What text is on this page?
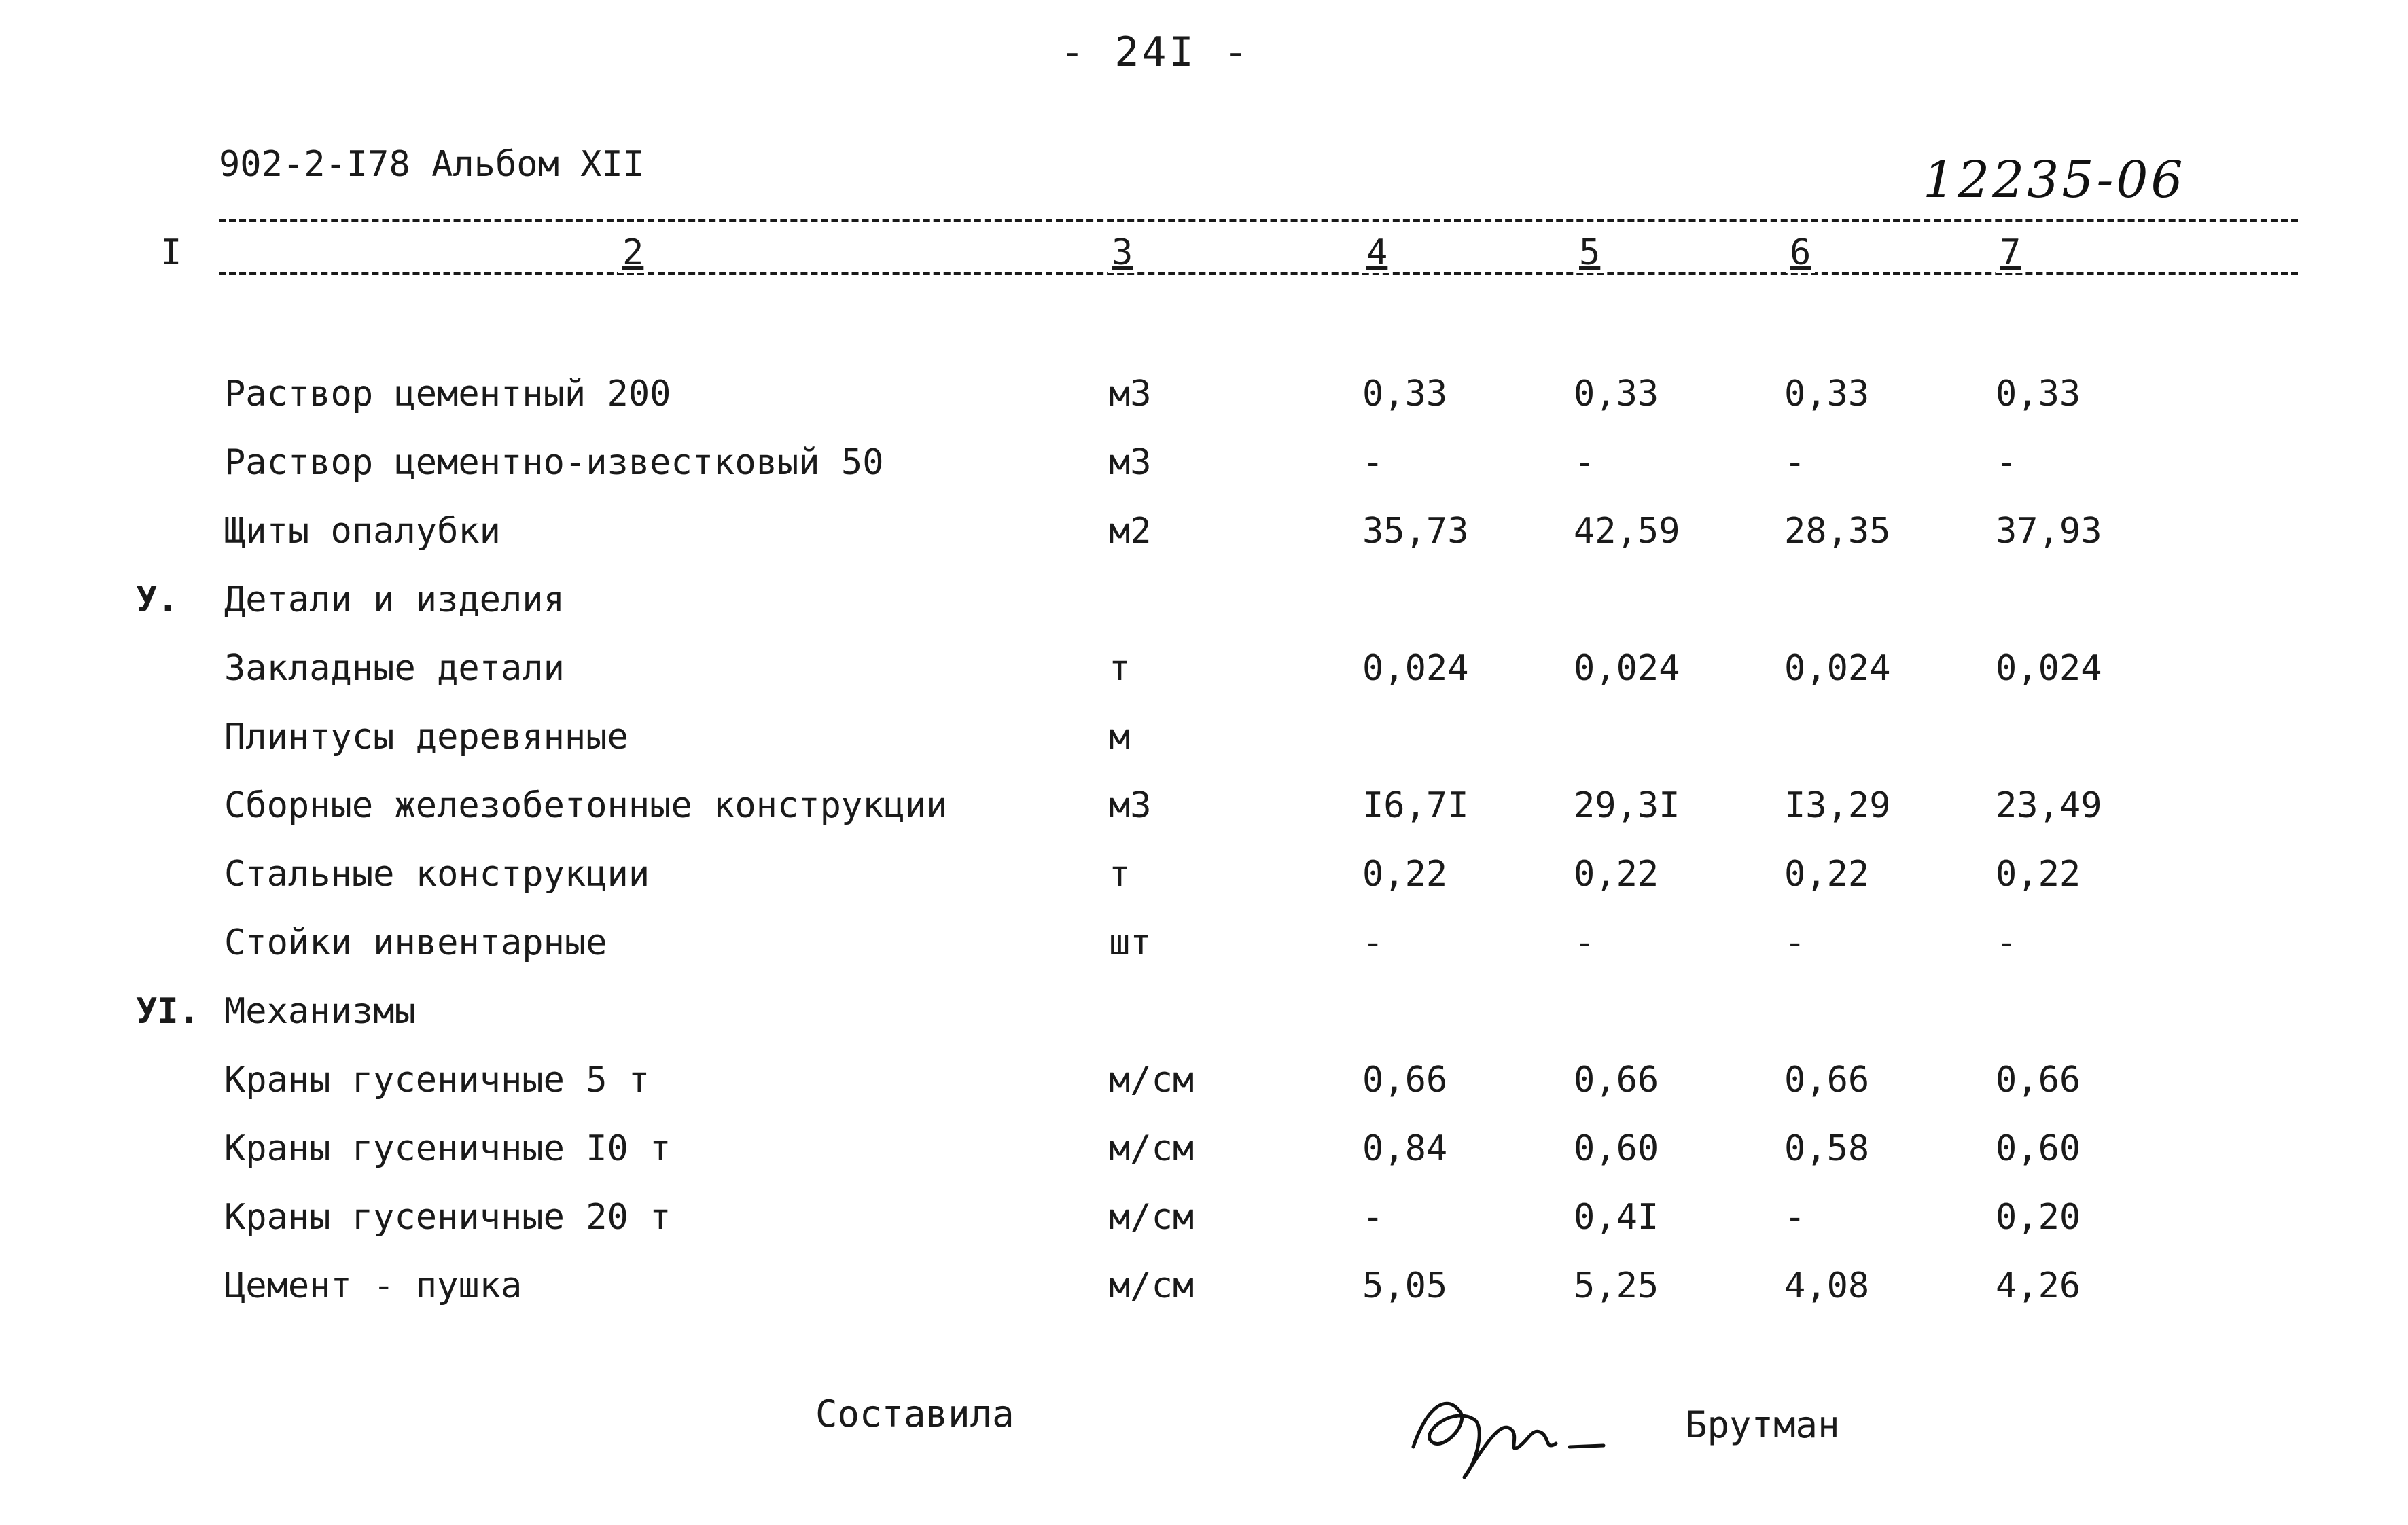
- 24I -
902-2-I78 Альбом XII	12235-06
I	2	3	4	5	6	7
Раствор цементный 200	м3	0,33	0,33	0,33	0,33
Раствор цементно-известковый 50	м3	-	-	-	-
Щиты опалубки	м2	35,73	42,59	28,35	37,93
У. Детали и изделия
Закладные детали	т	0,024	0,024	0,024	0,024
Плинтусы деревянные	м
Сборные железобетонные конструкции	м3	I6,7I	29,3I	I3,29	23,49
Стальные конструкции	т	0,22	0,22	0,22	0,22
Стойки инвентарные	шт	-	-	-	-
УI. Механизмы
Краны гусеничные 5 т	м/см	0,66	0,66	0,66	0,66
Краны гусеничные I0 т	м/см	0,84	0,60	0,58	0,60
Краны гусеничные 20 т	м/см	-	0,4I	-	0,20
Цемент - пушка	м/см	5,05	5,25	4,08	4,26
Составила	Брутман
